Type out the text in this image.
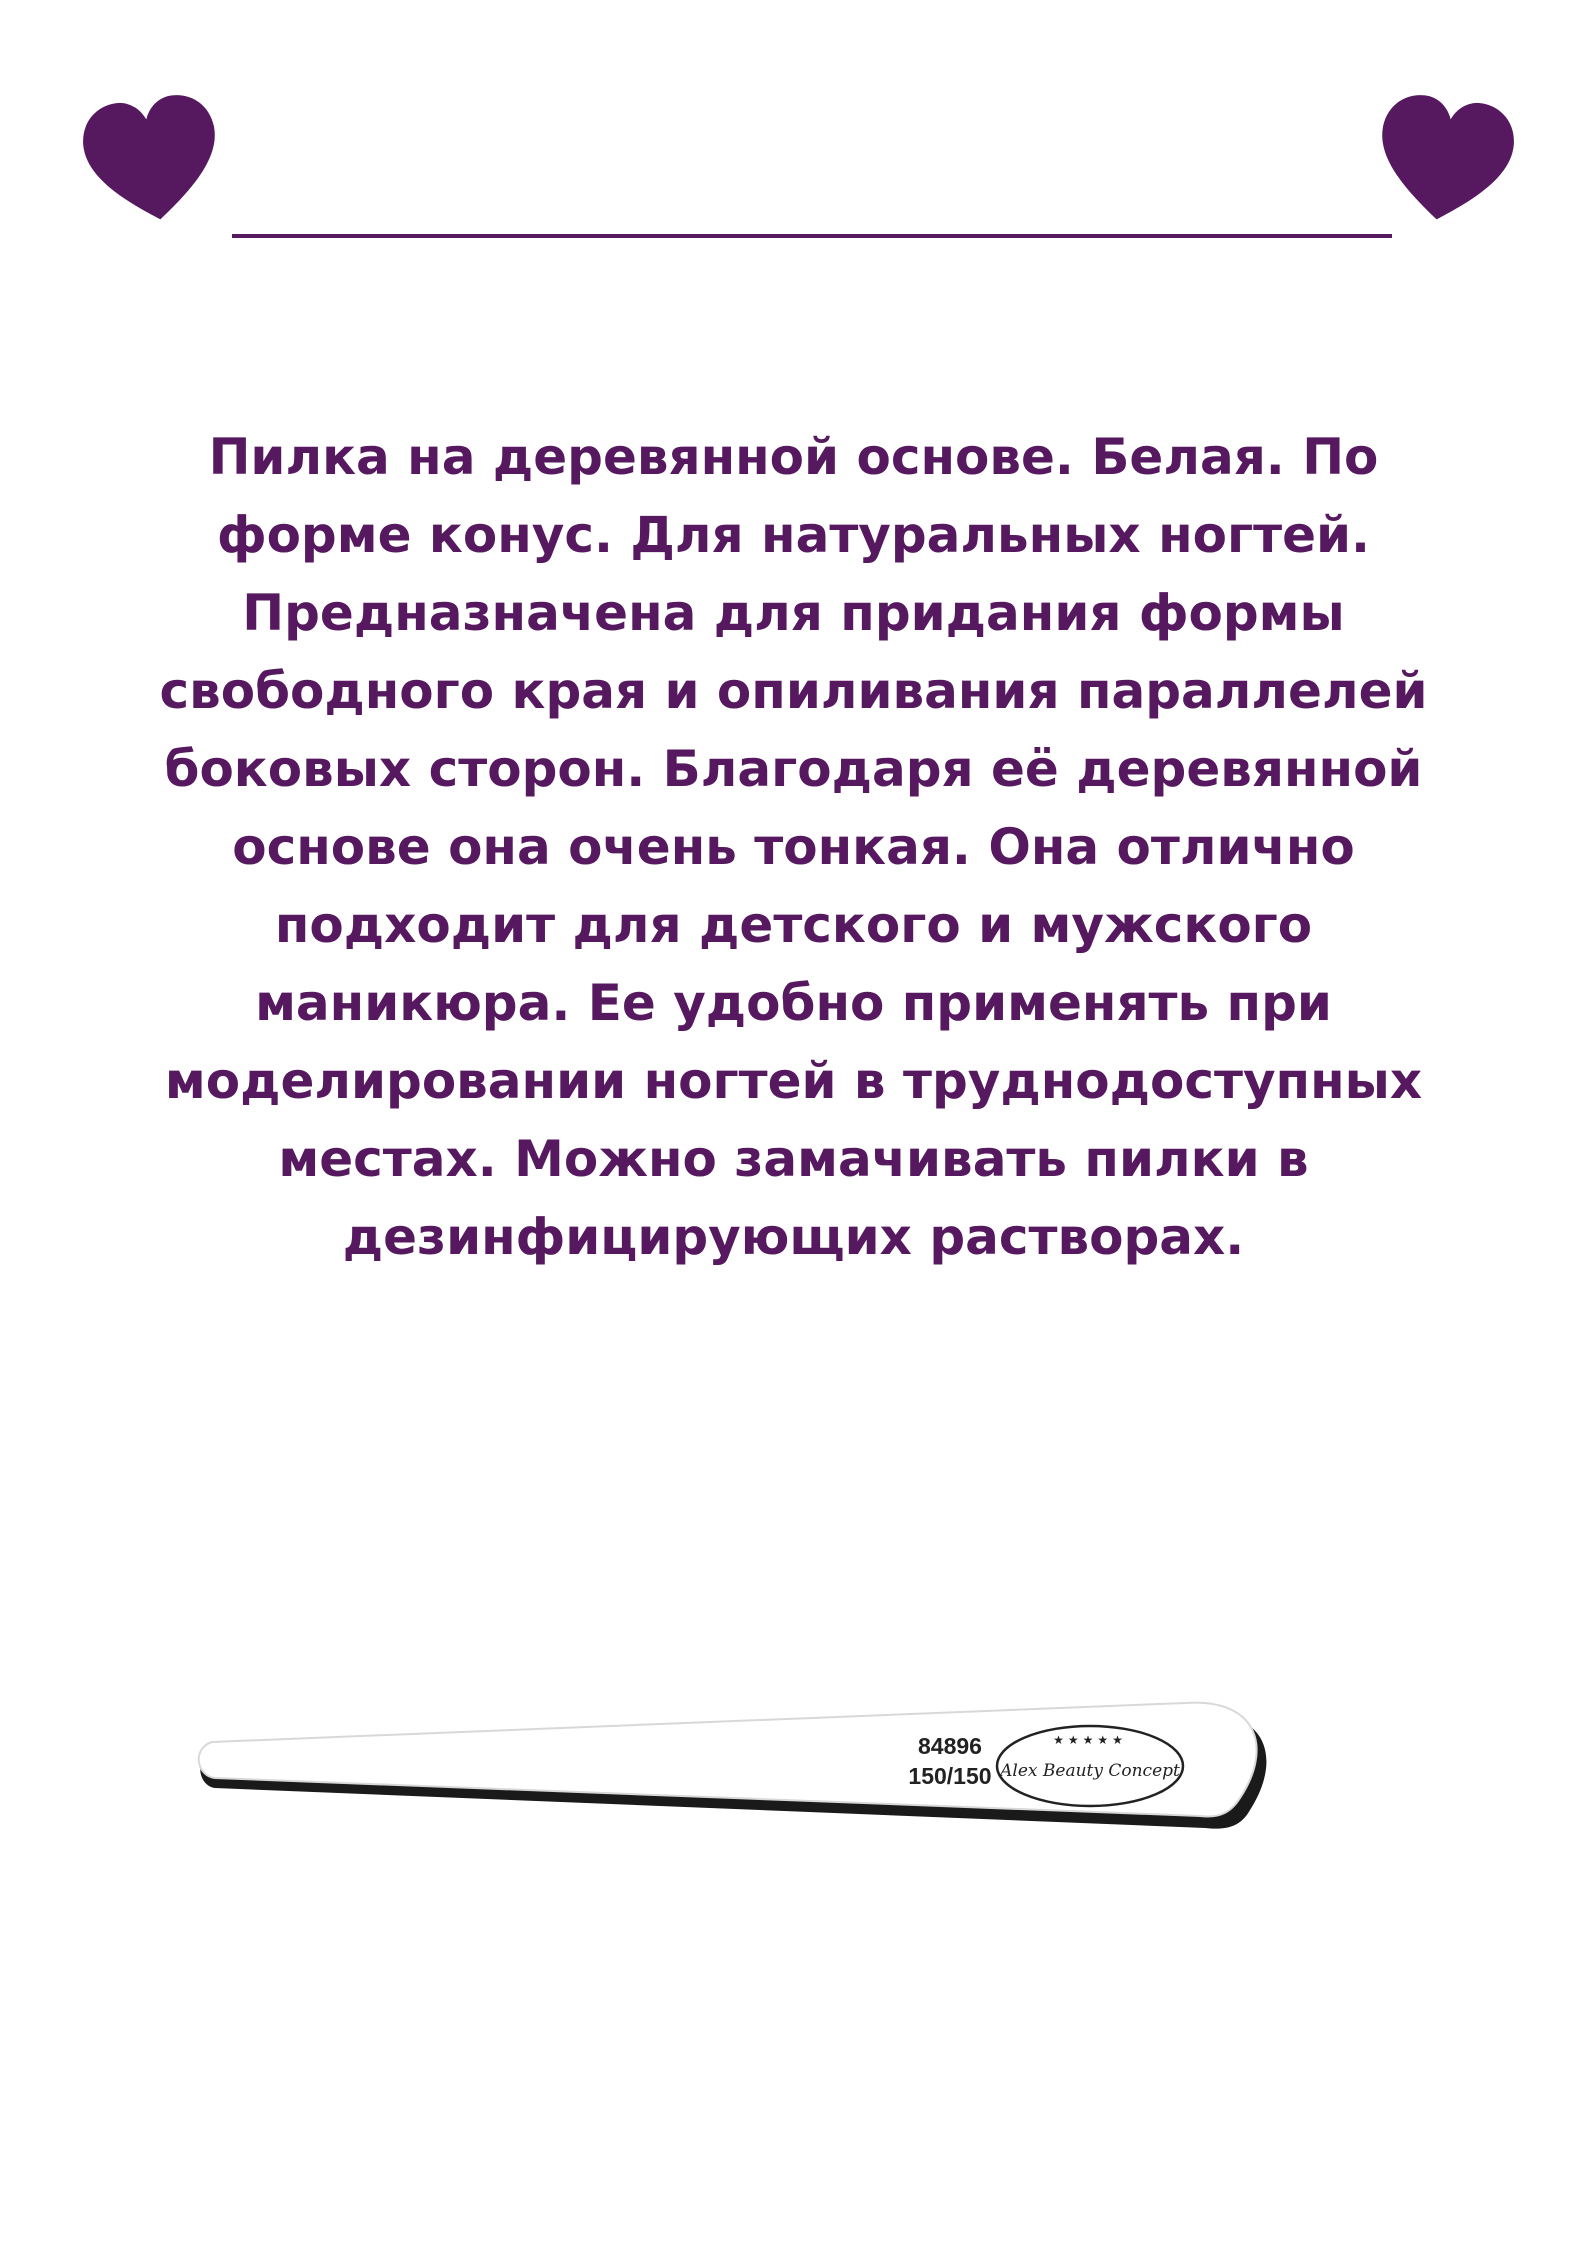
Пилка на деревянной основе. Белая. По форме конус. Для натуральных ногтей. Предназначена для придания формы свободного края и опиливания параллелей боковых сторон. Благодаря её деревянной основе она очень тонкая. Она отлично подходит для детского и мужского маникюра. Ее удобно применять при моделировании ногтей в труднодоступных местах. Можно замачивать пилки в дезинфицирующих растворах.

84896
150/150
★★★★★
Alex Beauty Concept
